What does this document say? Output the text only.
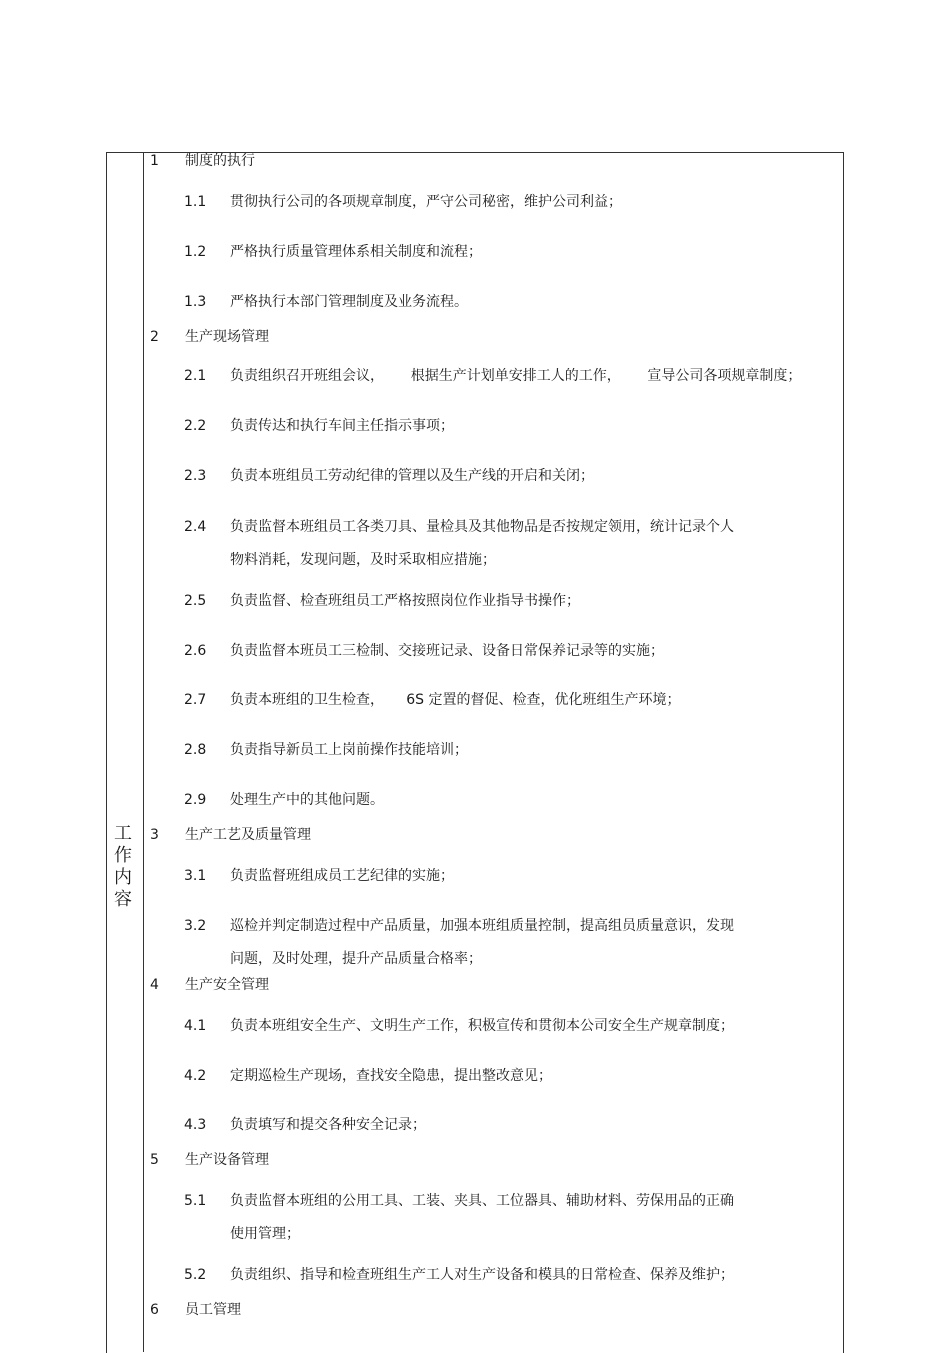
工
作
内
容
1 制度的执行
1.1 贯彻执行公司的各项规章制度，严守公司秘密，维护公司利益；
1.2 严格执行质量管理体系相关制度和流程；
1.3 严格执行本部门管理制度及业务流程。
2 生产现场管理
2.1 负责组织召开班组会议，      根据生产计划单安排工人的工作，      宣导公司各项规章制度；
2.2 负责传达和执行车间主任指示事项；
2.3 负责本班组员工劳动纪律的管理以及生产线的开启和关闭；
2.4 负责监督本班组员工各类刀具、量检具及其他物品是否按规定领用，统计记录个人
物料消耗，发现问题，及时采取相应措施；
2.5 负责监督、检查班组员工严格按照岗位作业指导书操作；
2.6 负责监督本班员工三检制、交接班记录、设备日常保养记录等的实施；
2.7 负责本班组的卫生检查，     6S 定置的督促、检查，优化班组生产环境；
2.8 负责指导新员工上岗前操作技能培训；
2.9 处理生产中的其他问题。
3 生产工艺及质量管理
3.1 负责监督班组成员工艺纪律的实施；
3.2 巡检并判定制造过程中产品质量，加强本班组质量控制，提高组员质量意识，发现
问题，及时处理，提升产品质量合格率；
4 生产安全管理
4.1 负责本班组安全生产、文明生产工作，积极宣传和贯彻本公司安全生产规章制度；
4.2 定期巡检生产现场，查找安全隐患，提出整改意见；
4.3 负责填写和提交各种安全记录；
5 生产设备管理
5.1 负责监督本班组的公用工具、工装、夹具、工位器具、辅助材料、劳保用品的正确
使用管理；
5.2 负责组织、指导和检查班组生产工人对生产设备和模具的日常检查、保养及维护；
6 员工管理
